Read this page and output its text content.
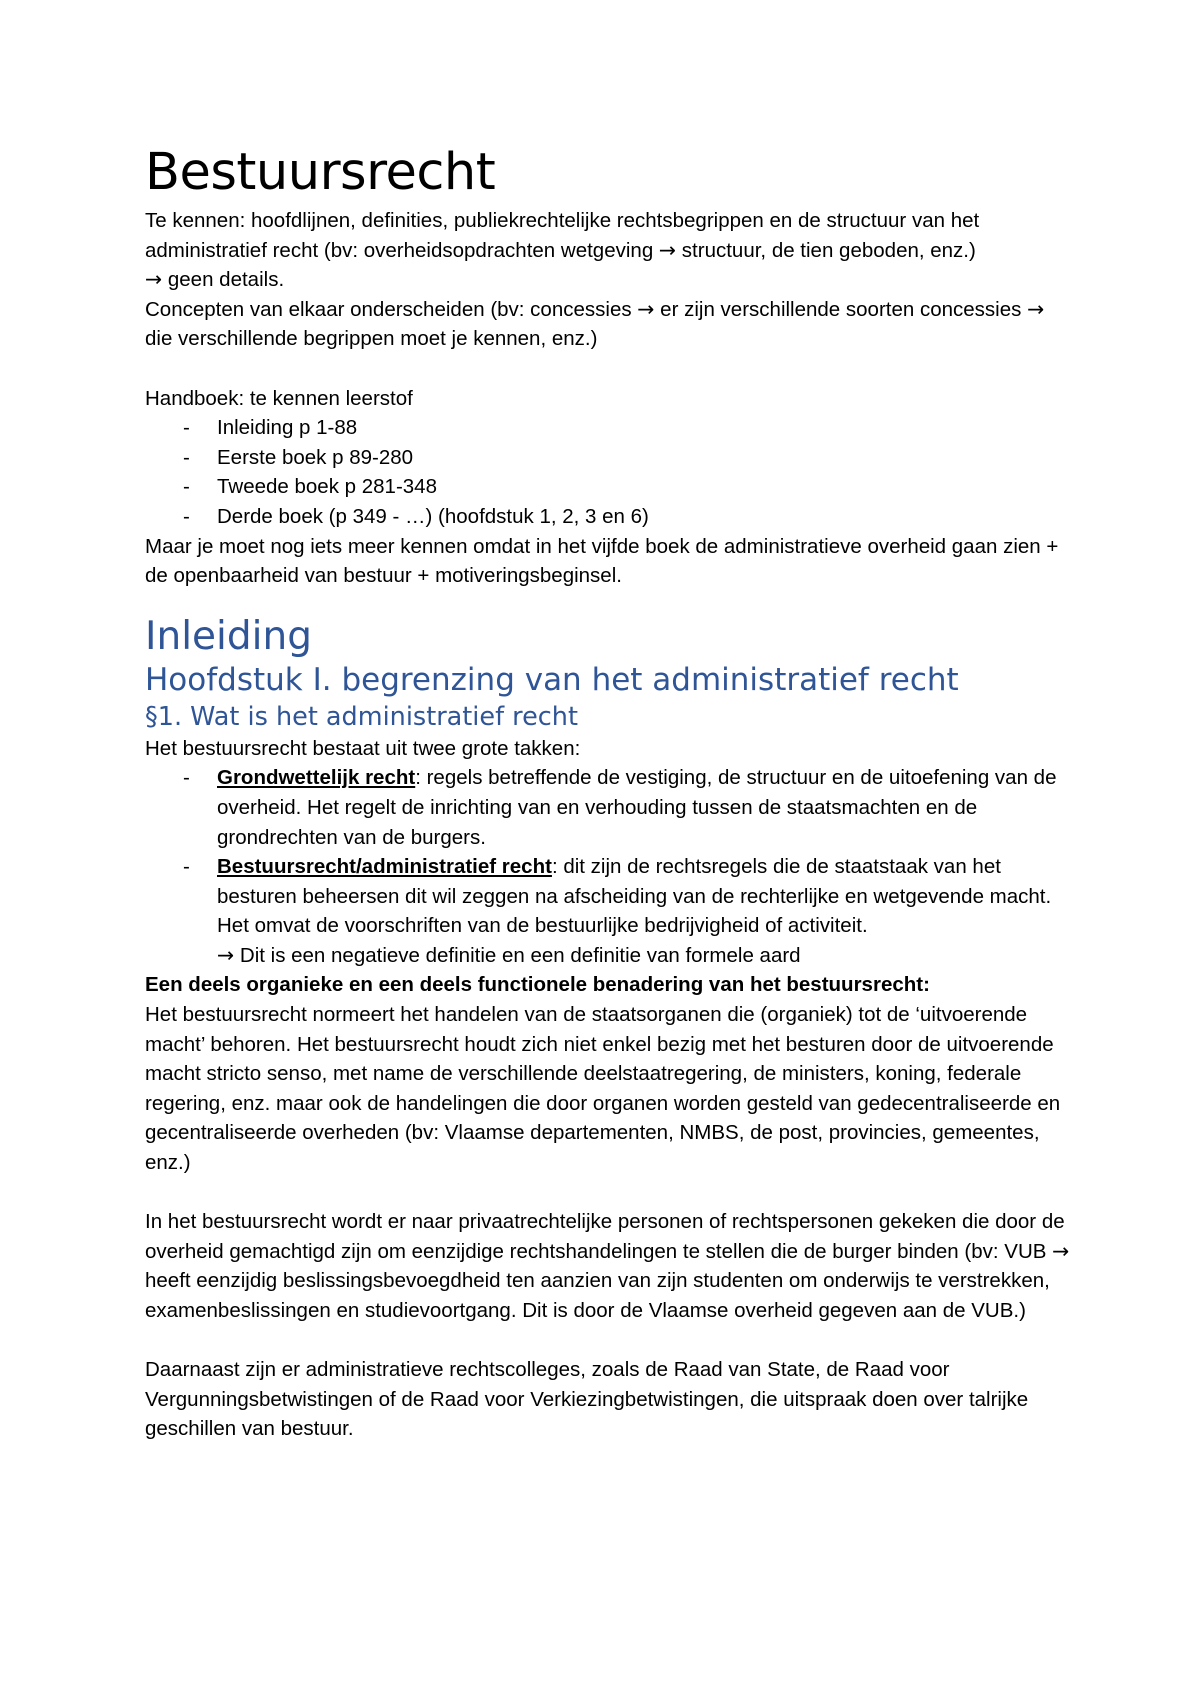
Bestuursrecht

Te kennen: hoofdlijnen, definities, publiekrechtelijke rechtsbegrippen en de structuur van het administratief recht (bv: overheidsopdrachten wetgeving → structuur, de tien geboden, enz.)

→ geen details.

Concepten van elkaar onderscheiden (bv: concessies → er zijn verschillende soorten concessies → die verschillende begrippen moet je kennen, enz.)

Handboek: te kennen leerstof

- Inleiding p 1-88
- Eerste boek p 89-280
- Tweede boek p 281-348
- Derde boek (p 349 - …) (hoofdstuk 1, 2, 3 en 6)

Maar je moet nog iets meer kennen omdat in het vijfde boek de administratieve overheid gaan zien + de openbaarheid van bestuur + motiveringsbeginsel.

Inleiding
Hoofdstuk I. begrenzing van het administratief recht
§1. Wat is het administratief recht

Het bestuursrecht bestaat uit twee grote takken:

- Grondwettelijk recht: regels betreffende de vestiging, de structuur en de uitoefening van de overheid. Het regelt de inrichting van en verhouding tussen de staatsmachten en de grondrechten van de burgers.
- Bestuursrecht/administratief recht: dit zijn de rechtsregels die de staatstaak van het besturen beheersen dit wil zeggen na afscheiding van de rechterlijke en wetgevende macht. Het omvat de voorschriften van de bestuurlijke bedrijvigheid of activiteit.
→ Dit is een negatieve definitie en een definitie van formele aard

Een deels organieke en een deels functionele benadering van het bestuursrecht:

Het bestuursrecht normeert het handelen van de staatsorganen die (organiek) tot de ‘uitvoerende macht’ behoren. Het bestuursrecht houdt zich niet enkel bezig met het besturen door de uitvoerende macht stricto senso, met name de verschillende deelstaatregering, de ministers, koning, federale regering, enz. maar ook de handelingen die door organen worden gesteld van gedecentraliseerde en gecentraliseerde overheden (bv: Vlaamse departementen, NMBS, de post, provincies, gemeentes, enz.)

In het bestuursrecht wordt er naar privaatrechtelijke personen of rechtspersonen gekeken die door de overheid gemachtigd zijn om eenzijdige rechtshandelingen te stellen die de burger binden (bv: VUB → heeft eenzijdig beslissingsbevoegdheid ten aanzien van zijn studenten om onderwijs te verstrekken, examenbeslissingen en studievoortgang. Dit is door de Vlaamse overheid gegeven aan de VUB.)

Daarnaast zijn er administratieve rechtscolleges, zoals de Raad van State, de Raad voor Vergunningsbetwistingen of de Raad voor Verkiezingbetwistingen, die uitspraak doen over talrijke geschillen van bestuur.
